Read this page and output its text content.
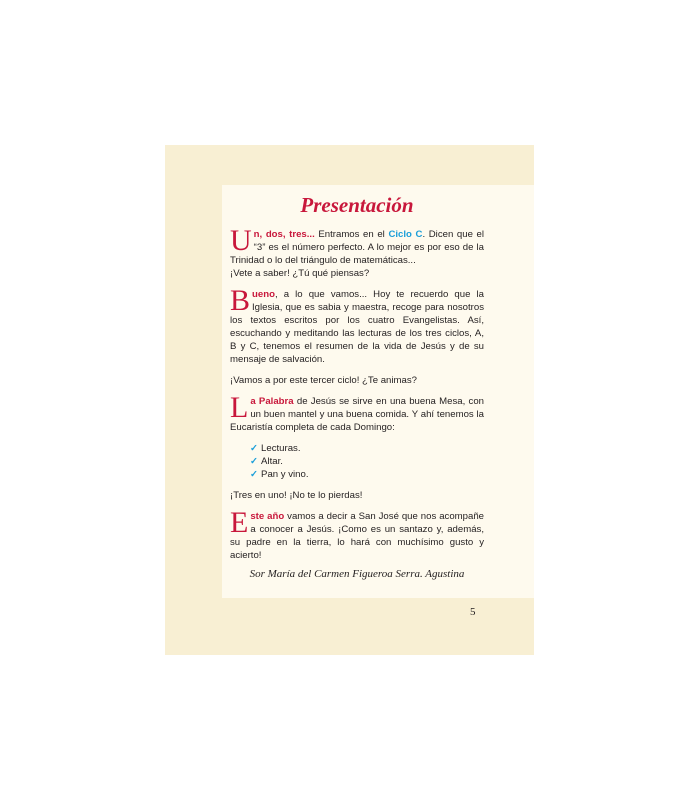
Presentación

Un, dos, tres... Entramos en el Ciclo C. Dicen que el “3” es el número perfecto. A lo mejor es por eso de la Trinidad o lo del triángulo de matemáticas...
¡Vete a saber! ¿Tú qué piensas?

Bueno, a lo que vamos... Hoy te recuerdo que la Iglesia, que es sabia y maestra, recoge para nosotros los textos escritos por los cuatro Evangelistas. Así, escuchando y meditando las lecturas de los tres ciclos, A, B y C, tenemos el resumen de la vida de Jesús y de su mensaje de salvación.

¡Vamos a por este tercer ciclo! ¿Te animas?

La Palabra de Jesús se sirve en una buena Mesa, con un buen mantel y una buena comida. Y ahí tenemos la Eucaristía completa de cada Domingo:

✓ Lecturas.
✓ Altar.
✓ Pan y vino.

¡Tres en uno! ¡No te lo pierdas!

Este año vamos a decir a San José que nos acompañe a conocer a Jesús. ¡Como es un santazo y, además, su padre en la tierra, lo hará con muchísimo gusto y acierto!

Sor María del Carmen Figueroa Serra. Agustina
5
